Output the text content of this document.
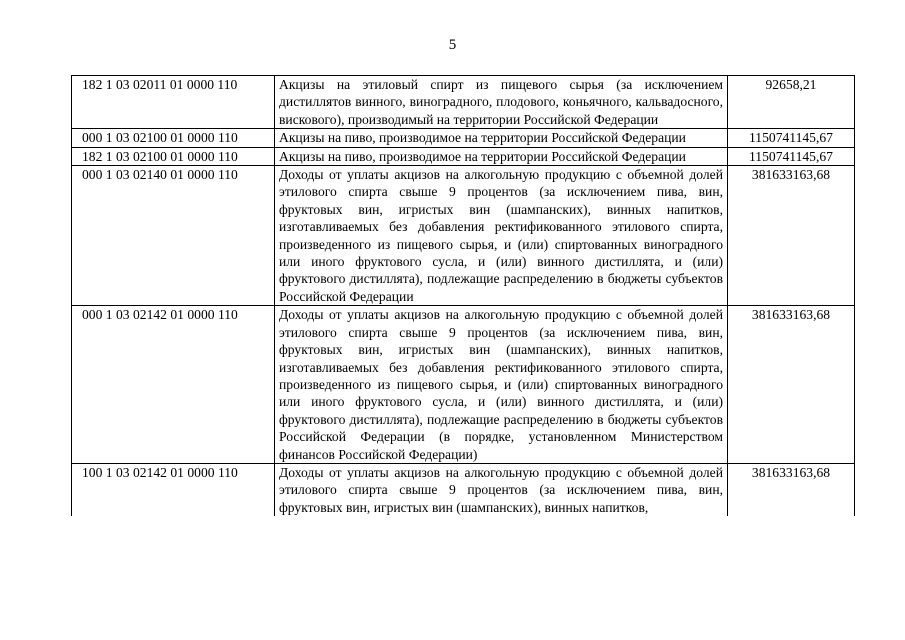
5
182 1 03 02011 01 0000 110	Акцизы на этиловый спирт из пищевого сырья (за исключением дистиллятов винного, виноградного, плодового, коньячного, кальвадосного, вискового), производимый на территории Российской Федерации	92658,21
000 1 03 02100 01 0000 110	Акцизы на пиво, производимое на территории Российской Федерации	1150741145,67
182 1 03 02100 01 0000 110	Акцизы на пиво, производимое на территории Российской Федерации	1150741145,67
000 1 03 02140 01 0000 110	Доходы от уплаты акцизов на алкогольную продукцию с объемной долей этилового спирта свыше 9 процентов (за исключением пива, вин, фруктовых вин, игристых вин (шампанских), винных напитков, изготавливаемых без добавления ректификованного этилового спирта, произведенного из пищевого сырья, и (или) спиртованных виноградного или иного фруктового сусла, и (или) винного дистиллята, и (или) фруктового дистиллята), подлежащие распределению в бюджеты субъектов Российской Федерации	381633163,68
000 1 03 02142 01 0000 110	Доходы от уплаты акцизов на алкогольную продукцию с объемной долей этилового спирта свыше 9 процентов (за исключением пива, вин, фруктовых вин, игристых вин (шампанских), винных напитков, изготавливаемых без добавления ректификованного этилового спирта, произведенного из пищевого сырья, и (или) спиртованных виноградного или иного фруктового сусла, и (или) винного дистиллята, и (или) фруктового дистиллята), подлежащие распределению в бюджеты субъектов Российской Федерации (в порядке, установленном Министерством финансов Российской Федерации)	381633163,68
100 1 03 02142 01 0000 110	Доходы от уплаты акцизов на алкогольную продукцию с объемной долей этилового спирта свыше 9 процентов (за исключением пива, вин, фруктовых вин, игристых вин (шампанских), винных напитков,	381633163,68
